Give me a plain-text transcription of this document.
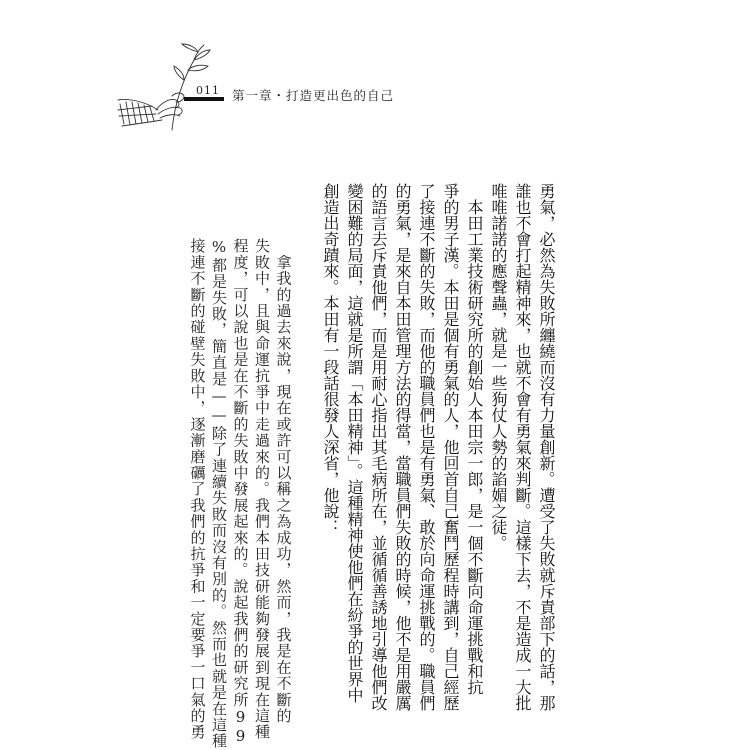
011 第一章・打造更出色的自己
勇氣，必然為失敗所纏繞而沒有力量創新。遭受了失敗就斥責部下的話，那
誰也不會打起精神來，也就不會有勇氣來判斷。這樣下去，不是造成一大批
唯唯諾諾的應聲蟲，就是一些狗仗人勢的諂媚之徒。
　本田工業技術研究所的創始人本田宗一郎，是一個不斷向命運挑戰和抗
爭的男子漢。本田是個有勇氣的人，他回首自己奮鬥歷程時講到，自己經歷
了接連不斷的失敗，而他的職員們也是有勇氣、敢於向命運挑戰的。職員們
的勇氣，是來自本田管理方法的得當，當職員們失敗的時候，他不是用嚴厲
的語言去斥責他們，而是用耐心指出其毛病所在，並循循善誘地引導他們改
變困難的局面，這就是所謂「本田精神」。這種精神使他們在紛爭的世界中
創造出奇蹟來。本田有一段話很發人深省，他說：
　拿我的過去來說，現在或許可以稱之為成功，然而，我是在不斷的
失敗中，且與命運抗爭中走過來的。我們本田技研能夠發展到現在這種
程度，可以說也是在不斷的失敗中發展起來的。說起我們的研究所99
%都是失敗，簡直是——除了連續失敗而沒有別的。然而也就是在這種
接連不斷的碰壁失敗中，逐漸磨礪了我們的抗爭和一定要爭一口氣的勇
